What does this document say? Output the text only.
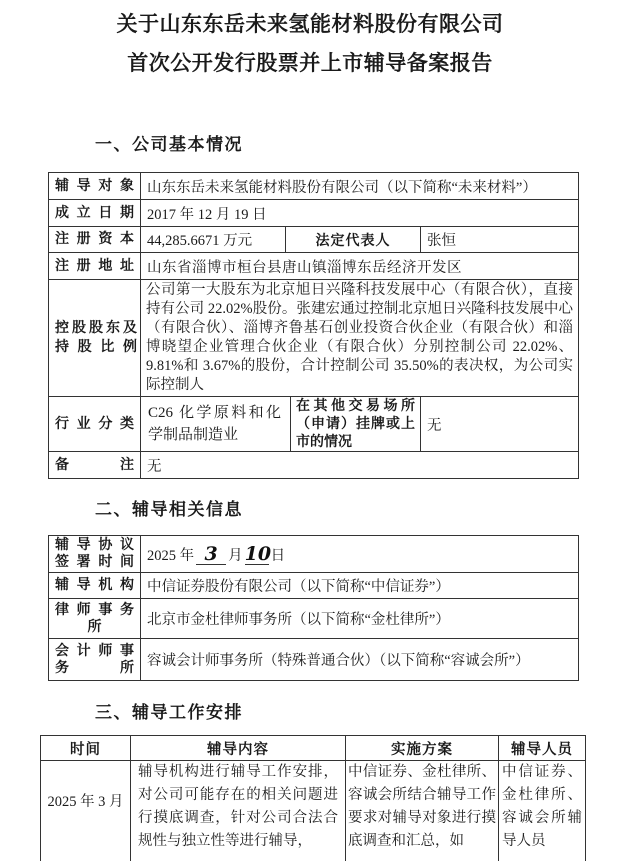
关于山东东岳未来氢能材料股份有限公司
首次公开发行股票并上市辅导备案报告
一、公司基本情况
辅导对象	山东东岳未来氢能材料股份有限公司（以下简称“未来材料”）			
成立日期	2017 年 12 月 19 日			
注册资本	44,285.6671 万元	法定代表人		张恒
注册地址	山东省淄博市桓台县唐山镇淄博东岳经济开发区			
控股股东及持股比例	公司第一大股东为北京旭日兴隆科技发展中心（有限合伙），直接持有公司 22.02%股份。张建宏通过控制北京旭日兴隆科技发展中心（有限合伙）、淄博齐鲁基石创业投资合伙企业（有限合伙）和淄博晓望企业管理合伙企业（有限合伙）分别控制公司 22.02%、9.81%和 3.67%的股份，合计控制公司 35.50%的表决权，为公司实际控制人			
行业分类	C26 化学原料和化学制品制造业		在其他交易场所（申请）挂牌或上市的情况	无
备注	无			
二、辅导相关信息
辅导协议签署时间	2025 年 3 月 10日
辅导机构	中信证券股份有限公司（以下简称“中信证券”）
律师事务所	北京市金杜律师事务所（以下简称“金杜律所”）
会计师事务所	容诚会计师事务所（特殊普通合伙）（以下简称“容诚会所”）
三、辅导工作安排
时间	辅导内容	实施方案	辅导人员
2025 年 3 月	辅导机构进行辅导工作安排，对公司可能存在的相关问题进行摸底调查，针对公司合法合规性与独立性等进行辅导，	中信证券、金杜律所、容诚会所结合辅导工作要求对辅导对象进行摸底调查和汇总，如	中信证券、金杜律所、容诚会所辅导人员
